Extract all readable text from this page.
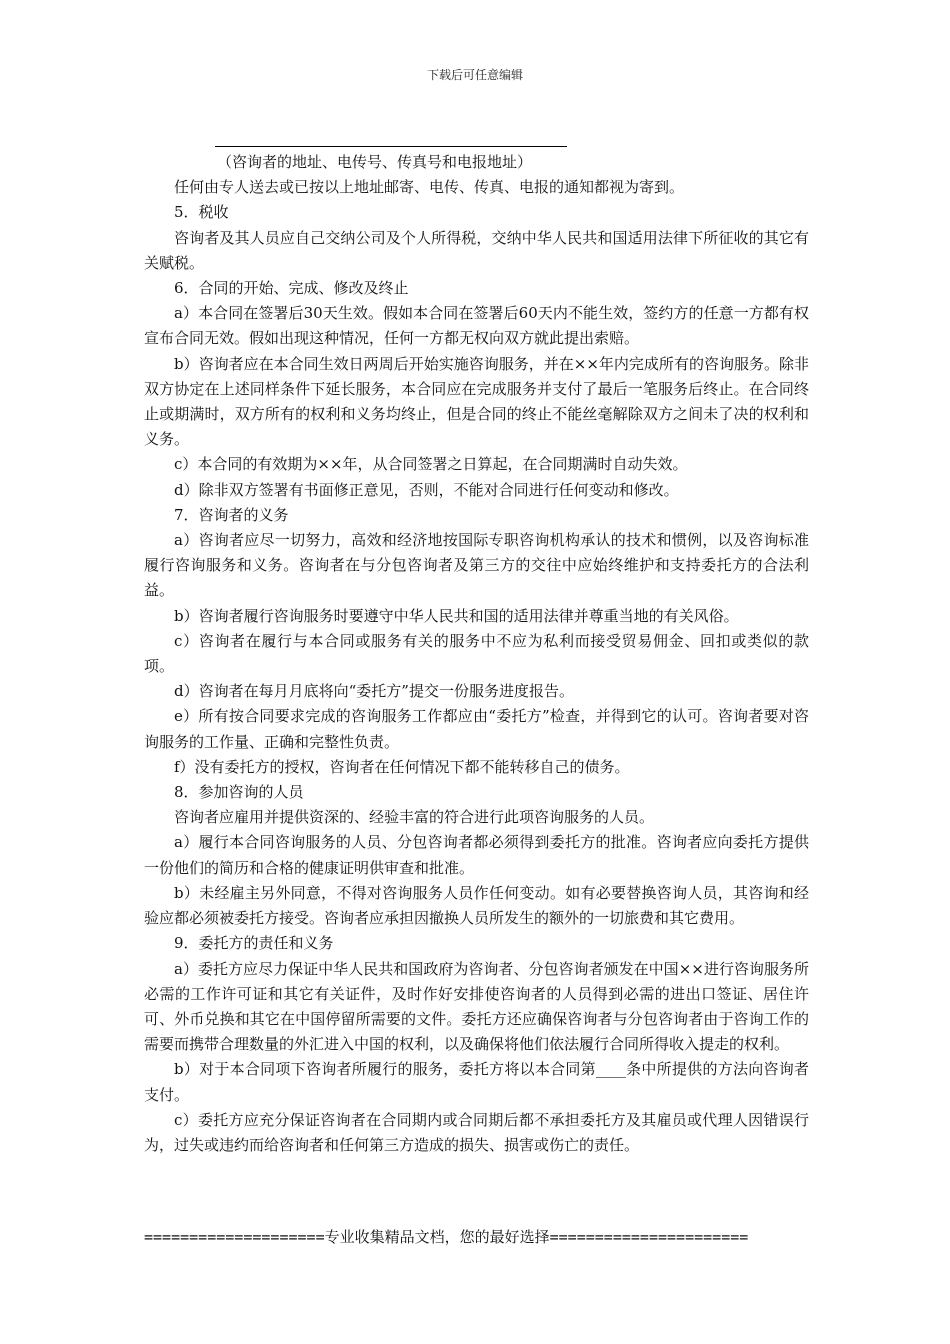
下载后可任意编辑

（咨询者的地址、电传号、传真号和电报地址）

任何由专人送去或已按以上地址邮寄、电传、传真、电报的通知都视为寄到。

5．税收

咨询者及其人员应自己交纳公司及个人所得税，交纳中华人民共和国适用法律下所征收的其它有关赋税。

6．合同的开始、完成、修改及终止

a）本合同在签署后30天生效。假如本合同在签署后60天内不能生效，签约方的任意一方都有权宣布合同无效。假如出现这种情况，任何一方都无权向双方就此提出索赔。

b）咨询者应在本合同生效日两周后开始实施咨询服务，并在××年内完成所有的咨询服务。除非双方协定在上述同样条件下延长服务，本合同应在完成服务并支付了最后一笔服务后终止。在合同终止或期满时，双方所有的权利和义务均终止，但是合同的终止不能丝毫解除双方之间未了决的权利和义务。

c）本合同的有效期为××年，从合同签署之日算起，在合同期满时自动失效。

d）除非双方签署有书面修正意见，否则，不能对合同进行任何变动和修改。

7．咨询者的义务

a）咨询者应尽一切努力，高效和经济地按国际专职咨询机构承认的技术和惯例，以及咨询标准履行咨询服务和义务。咨询者在与分包咨询者及第三方的交往中应始终维护和支持委托方的合法利益。

b）咨询者履行咨询服务时要遵守中华人民共和国的适用法律并尊重当地的有关风俗。

c）咨询者在履行与本合同或服务有关的服务中不应为私利而接受贸易佣金、回扣或类似的款项。

d）咨询者在每月月底将向“委托方”提交一份服务进度报告。

e）所有按合同要求完成的咨询服务工作都应由“委托方”检查，并得到它的认可。咨询者要对咨询服务的工作量、正确和完整性负责。

f）没有委托方的授权，咨询者在任何情况下都不能转移自己的债务。

8．参加咨询的人员

咨询者应雇用并提供资深的、经验丰富的符合进行此项咨询服务的人员。

a）履行本合同咨询服务的人员、分包咨询者都必须得到委托方的批准。咨询者应向委托方提供一份他们的简历和合格的健康证明供审查和批准。

b）未经雇主另外同意，不得对咨询服务人员作任何变动。如有必要替换咨询人员，其咨询和经验应都必须被委托方接受。咨询者应承担因撤换人员所发生的额外的一切旅费和其它费用。

9．委托方的责任和义务

a）委托方应尽力保证中华人民共和国政府为咨询者、分包咨询者颁发在中国××进行咨询服务所必需的工作许可证和其它有关证件，及时作好安排使咨询者的人员得到必需的进出口签证、居住许可、外币兑换和其它在中国停留所需要的文件。委托方还应确保咨询者与分包咨询者由于咨询工作的需要而携带合理数量的外汇进入中国的权利，以及确保将他们依法履行合同所得收入提走的权利。

b）对于本合同项下咨询者所履行的服务，委托方将以本合同第____条中所提供的方法向咨询者支付。

c）委托方应充分保证咨询者在合同期内或合同期后都不承担委托方及其雇员或代理人因错误行为，过失或违约而给咨询者和任何第三方造成的损失、损害或伤亡的责任。

====================专业收集精品文档，您的最好选择======================
